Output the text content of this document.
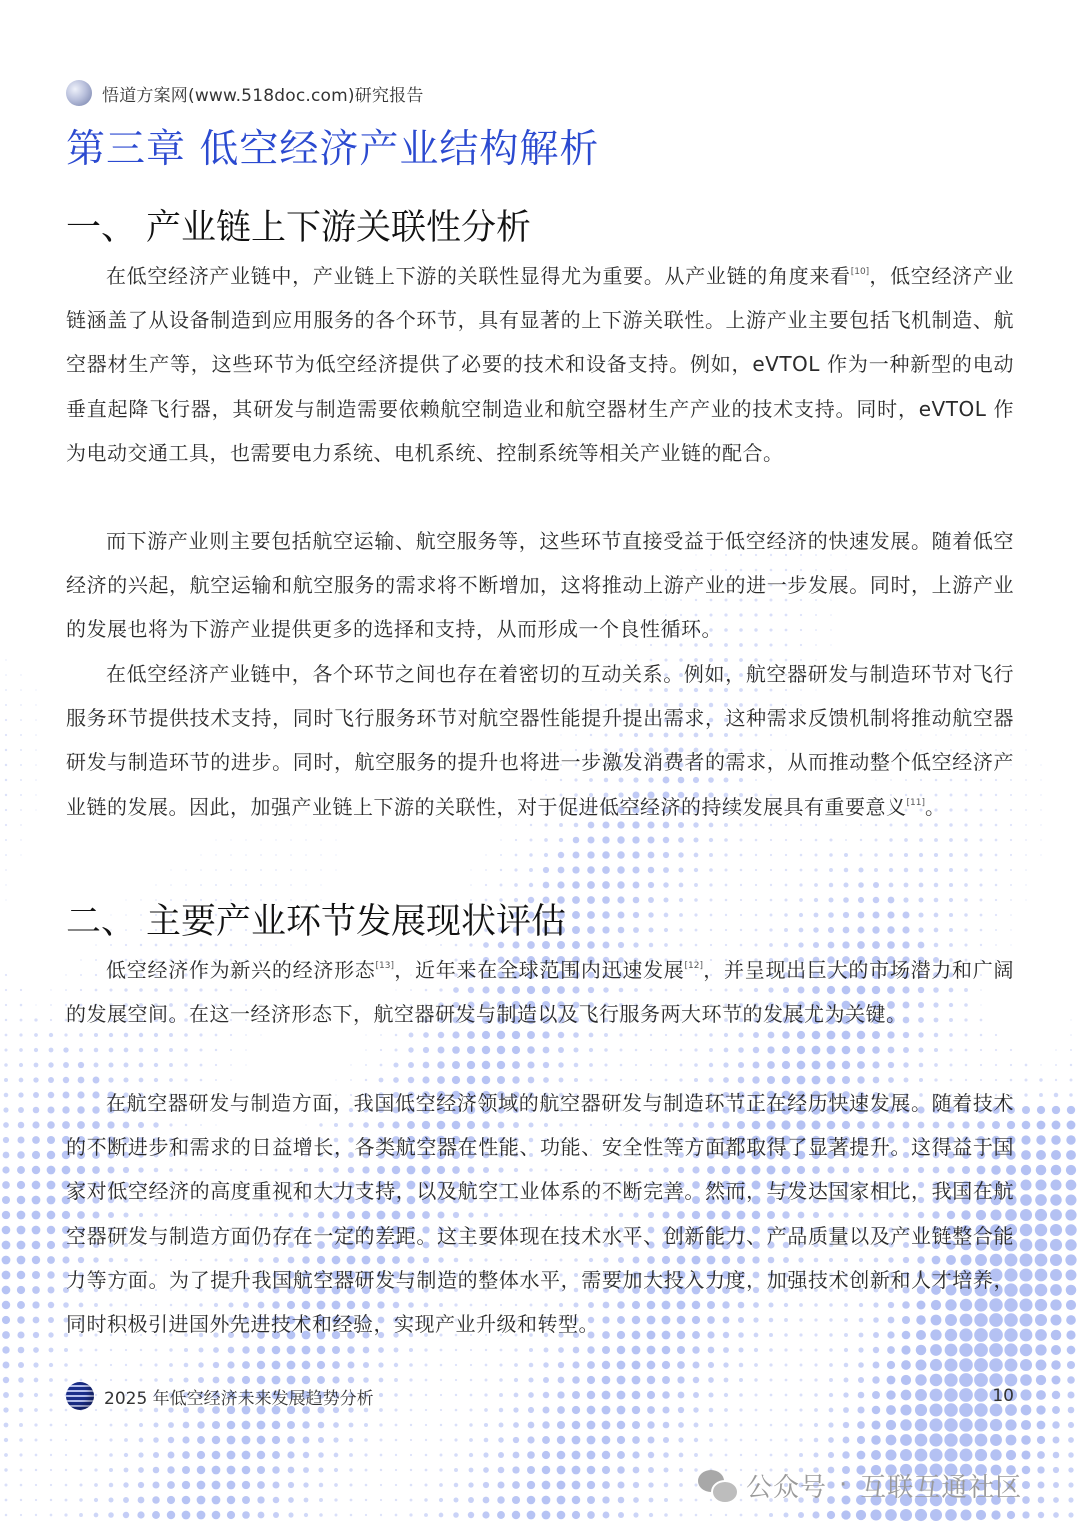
悟道方案网(www.518doc.com)研究报告
第三章 低空经济产业结构解析
一、 产业链上下游关联性分析

在低空经济产业链中，产业链上下游的关联性显得尤为重要。从产业链的角度来看[10]，低空经济产业链涵盖了从设备制造到应用服务的各个环节，具有显著的上下游关联性。上游产业主要包括飞机制造、航空器材生产等，这些环节为低空经济提供了必要的技术和设备支持。例如，eVTOL 作为一种新型的电动垂直起降飞行器，其研发与制造需要依赖航空制造业和航空器材生产产业的技术支持。同时，eVTOL 作为电动交通工具，也需要电力系统、电机系统、控制系统等相关产业链的配合。

而下游产业则主要包括航空运输、航空服务等，这些环节直接受益于低空经济的快速发展。随着低空经济的兴起，航空运输和航空服务的需求将不断增加，这将推动上游产业的进一步发展。同时，上游产业的发展也将为下游产业提供更多的选择和支持，从而形成一个良性循环。

在低空经济产业链中，各个环节之间也存在着密切的互动关系。例如，航空器研发与制造环节对飞行服务环节提供技术支持，同时飞行服务环节对航空器性能提升提出需求，这种需求反馈机制将推动航空器研发与制造环节的进步。同时，航空服务的提升也将进一步激发消费者的需求，从而推动整个低空经济产业链的发展。因此，加强产业链上下游的关联性，对于促进低空经济的持续发展具有重要意义[11]。

二、 主要产业环节发展现状评估

低空经济作为新兴的经济形态[13]，近年来在全球范围内迅速发展[12]，并呈现出巨大的市场潜力和广阔的发展空间。在这一经济形态下，航空器研发与制造以及飞行服务两大环节的发展尤为关键。

在航空器研发与制造方面，我国低空经济领域的航空器研发与制造环节正在经历快速发展。随着技术的不断进步和需求的日益增长，各类航空器在性能、功能、安全性等方面都取得了显著提升。这得益于国家对低空经济的高度重视和大力支持，以及航空工业体系的不断完善。然而，与发达国家相比，我国在航空器研发与制造方面仍存在一定的差距。这主要体现在技术水平、创新能力、产品质量以及产业链整合能力等方面。为了提升我国航空器研发与制造的整体水平，需要加大投入力度，加强技术创新和人才培养，同时积极引进国外先进技术和经验，实现产业升级和转型。

2025 年低空经济未来发展趋势分析	10
公众号 · 互联互通社区
